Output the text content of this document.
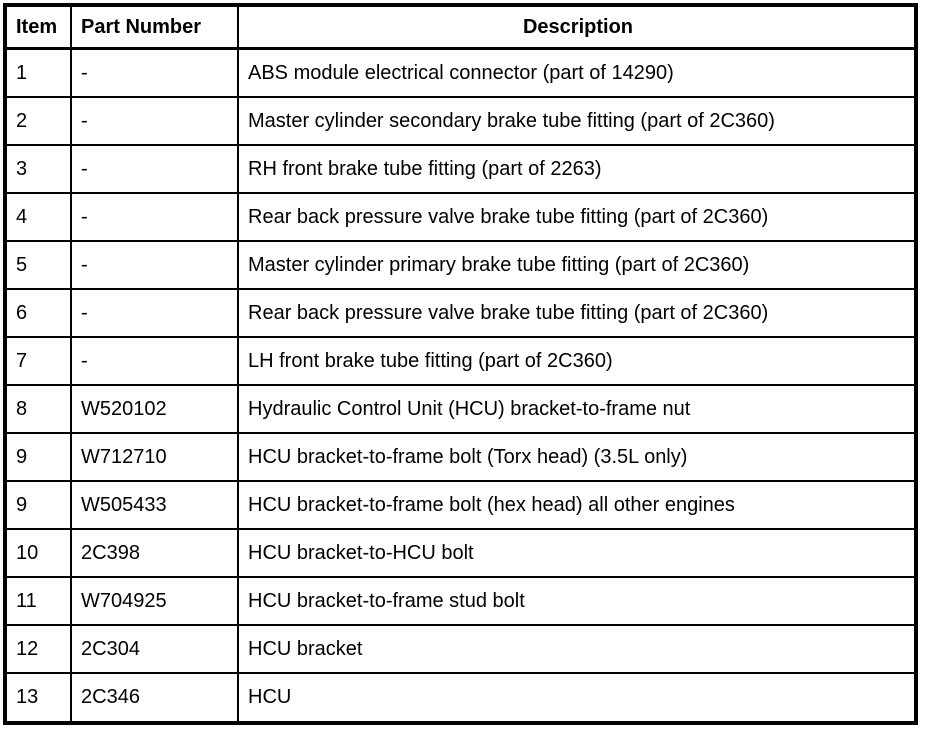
Item	Part Number	Description
1	-	ABS module electrical connector (part of 14290)
2	-	Master cylinder secondary brake tube fitting (part of 2C360)
3	-	RH front brake tube fitting (part of 2263)
4	-	Rear back pressure valve brake tube fitting (part of 2C360)
5	-	Master cylinder primary brake tube fitting (part of 2C360)
6	-	Rear back pressure valve brake tube fitting (part of 2C360)
7	-	LH front brake tube fitting (part of 2C360)
8	W520102	Hydraulic Control Unit (HCU) bracket-to-frame nut
9	W712710	HCU bracket-to-frame bolt (Torx head) (3.5L only)
9	W505433	HCU bracket-to-frame bolt (hex head) all other engines
10	2C398	HCU bracket-to-HCU bolt
11	W704925	HCU bracket-to-frame stud bolt
12	2C304	HCU bracket
13	2C346	HCU
